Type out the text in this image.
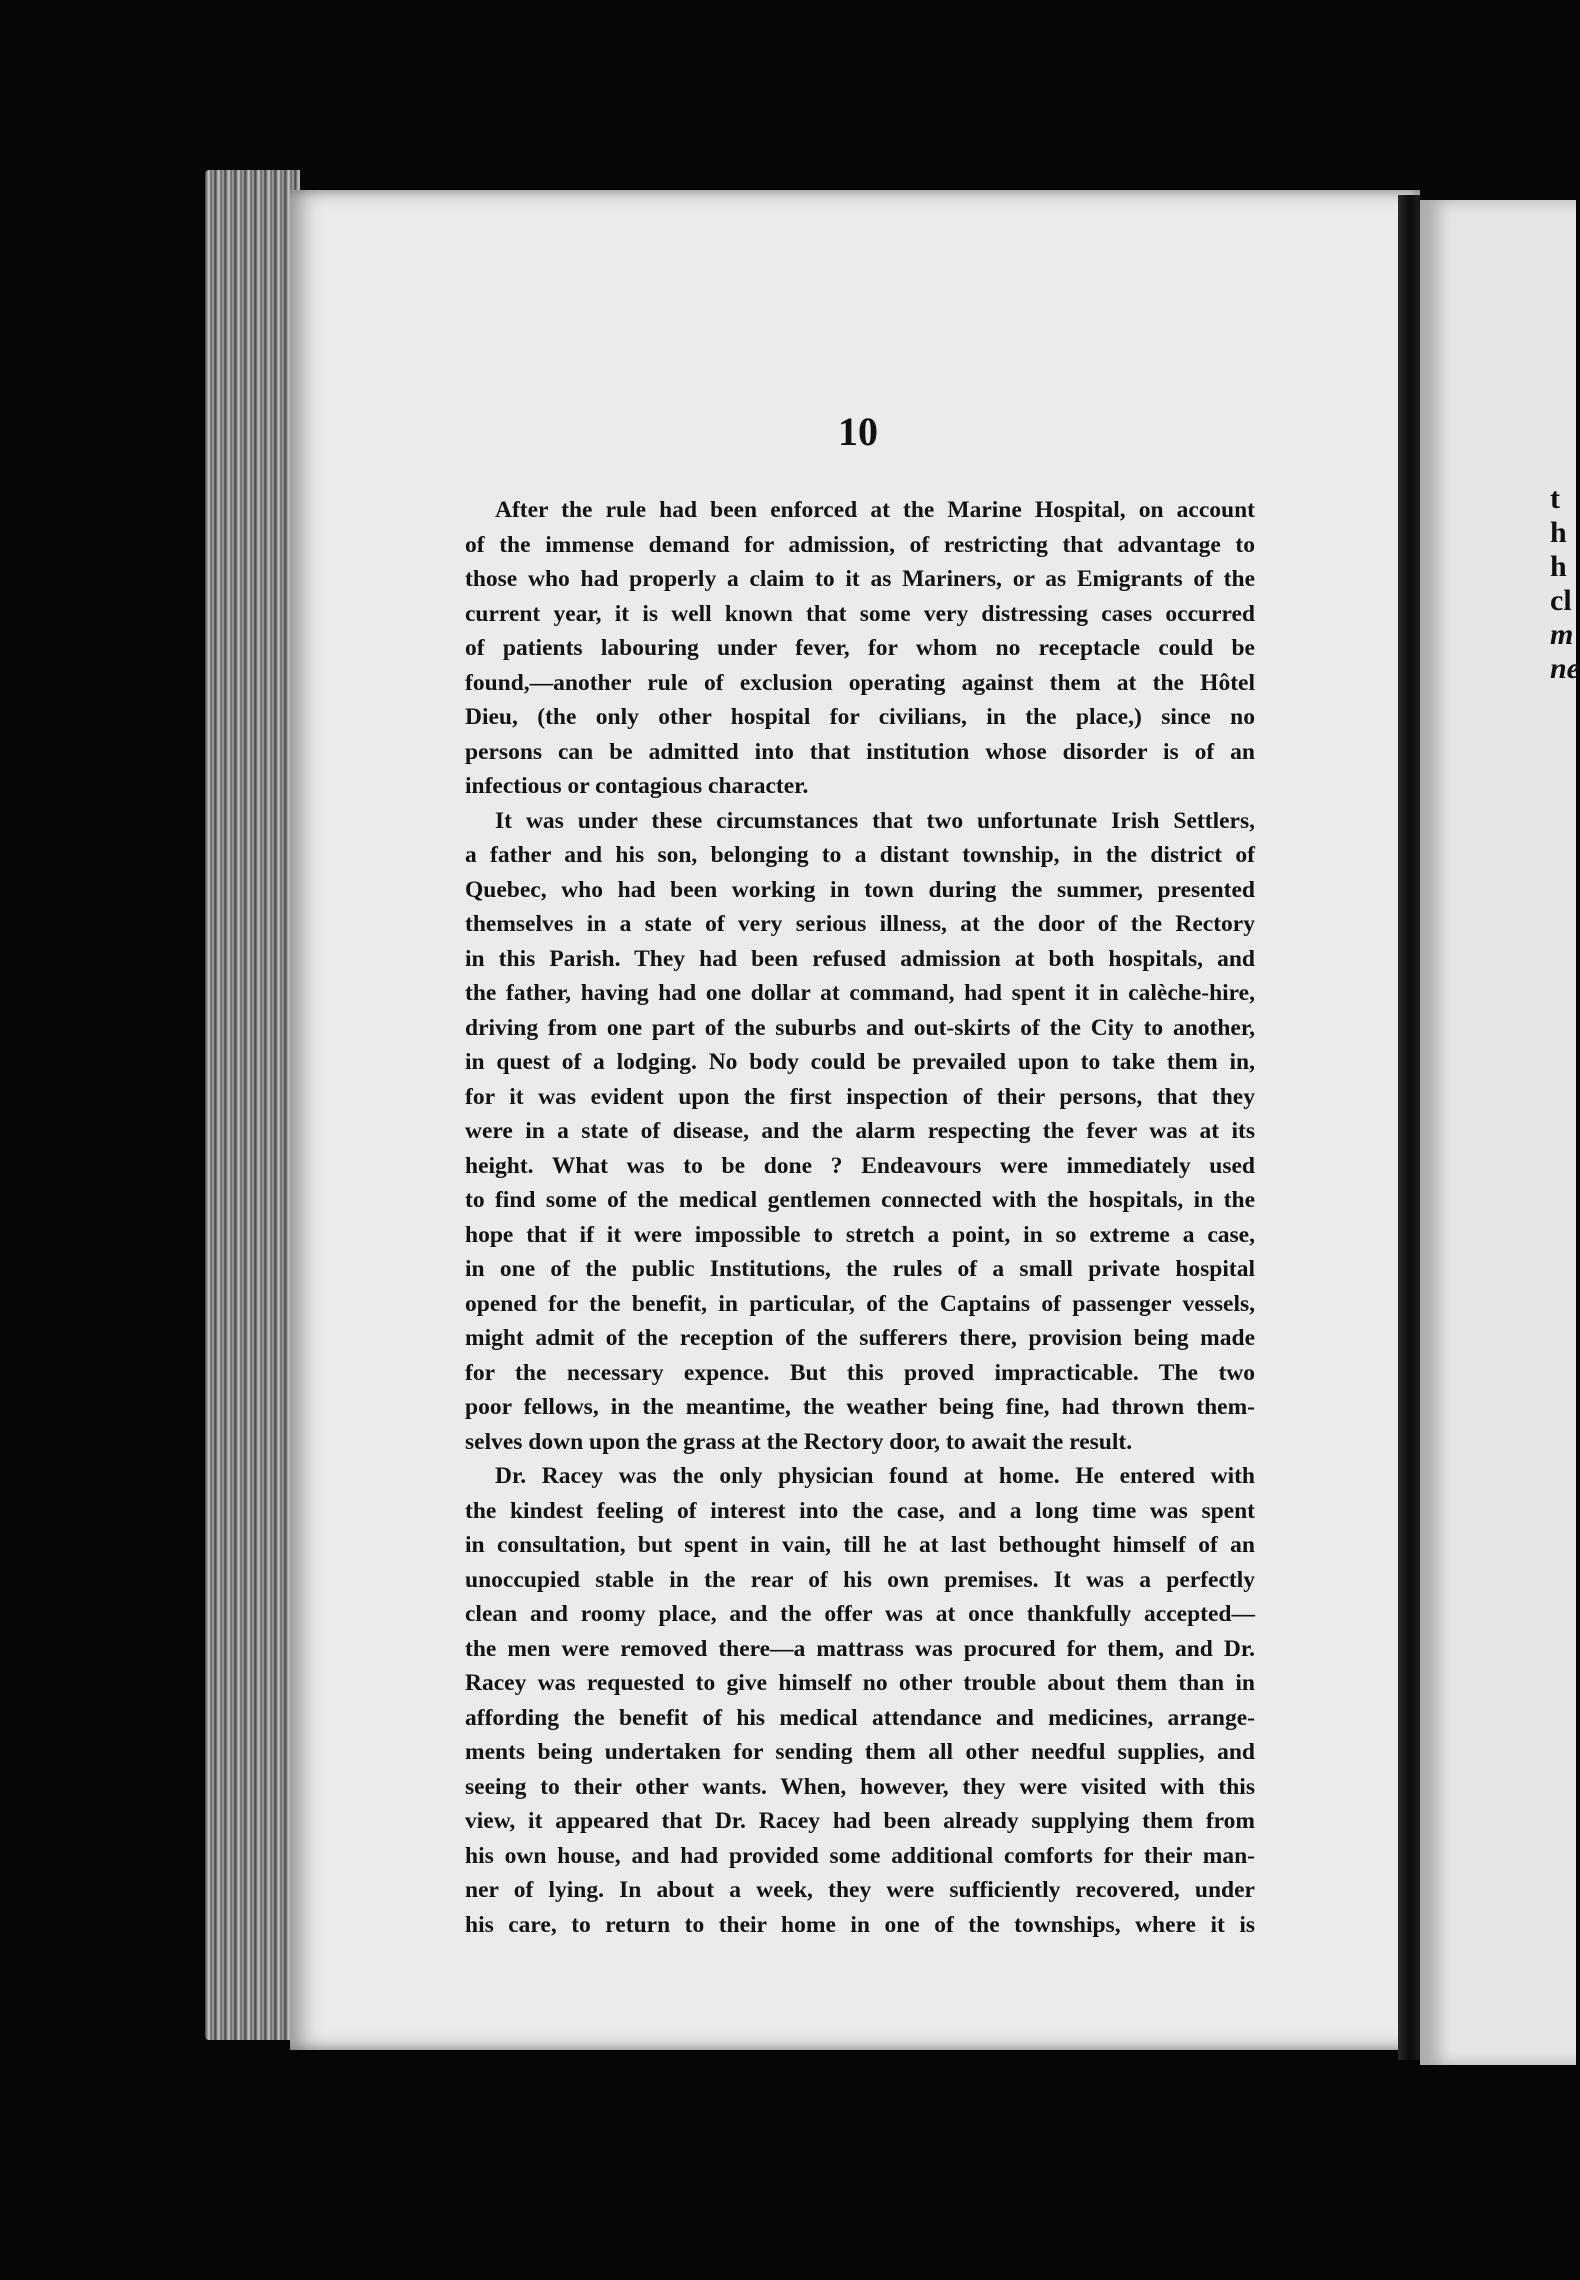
t
h
h
cl
m
ne
10
After the rule had been enforced at the Marine Hospital, on account
of the immense demand for admission, of restricting that advantage to
those who had properly a claim to it as Mariners, or as Emigrants of the
current year, it is well known that some very distressing cases occurred
of patients labouring under fever, for whom no receptacle could be
found,—another rule of exclusion operating against them at the Hôtel
Dieu, (the only other hospital for civilians, in the place,) since no
persons can be admitted into that institution whose disorder is of an
infectious or contagious character.
It was under these circumstances that two unfortunate Irish Settlers,
a father and his son, belonging to a distant township, in the district of
Quebec, who had been working in town during the summer, presented
themselves in a state of very serious illness, at the door of the Rectory
in this Parish. They had been refused admission at both hospitals, and
the father, having had one dollar at command, had spent it in calèche-hire,
driving from one part of the suburbs and out-skirts of the City to another,
in quest of a lodging. No body could be prevailed upon to take them in,
for it was evident upon the first inspection of their persons, that they
were in a state of disease, and the alarm respecting the fever was at its
height. What was to be done ? Endeavours were immediately used
to find some of the medical gentlemen connected with the hospitals, in the
hope that if it were impossible to stretch a point, in so extreme a case,
in one of the public Institutions, the rules of a small private hospital
opened for the benefit, in particular, of the Captains of passenger vessels,
might admit of the reception of the sufferers there, provision being made
for the necessary expence. But this proved impracticable. The two
poor fellows, in the meantime, the weather being fine, had thrown them-
selves down upon the grass at the Rectory door, to await the result.
Dr. Racey was the only physician found at home. He entered with
the kindest feeling of interest into the case, and a long time was spent
in consultation, but spent in vain, till he at last bethought himself of an
unoccupied stable in the rear of his own premises. It was a perfectly
clean and roomy place, and the offer was at once thankfully accepted—
the men were removed there—a mattrass was procured for them, and Dr.
Racey was requested to give himself no other trouble about them than in
affording the benefit of his medical attendance and medicines, arrange-
ments being undertaken for sending them all other needful supplies, and
seeing to their other wants. When, however, they were visited with this
view, it appeared that Dr. Racey had been already supplying them from
his own house, and had provided some additional comforts for their man-
ner of lying. In about a week, they were sufficiently recovered, under
his care, to return to their home in one of the townships, where it is
